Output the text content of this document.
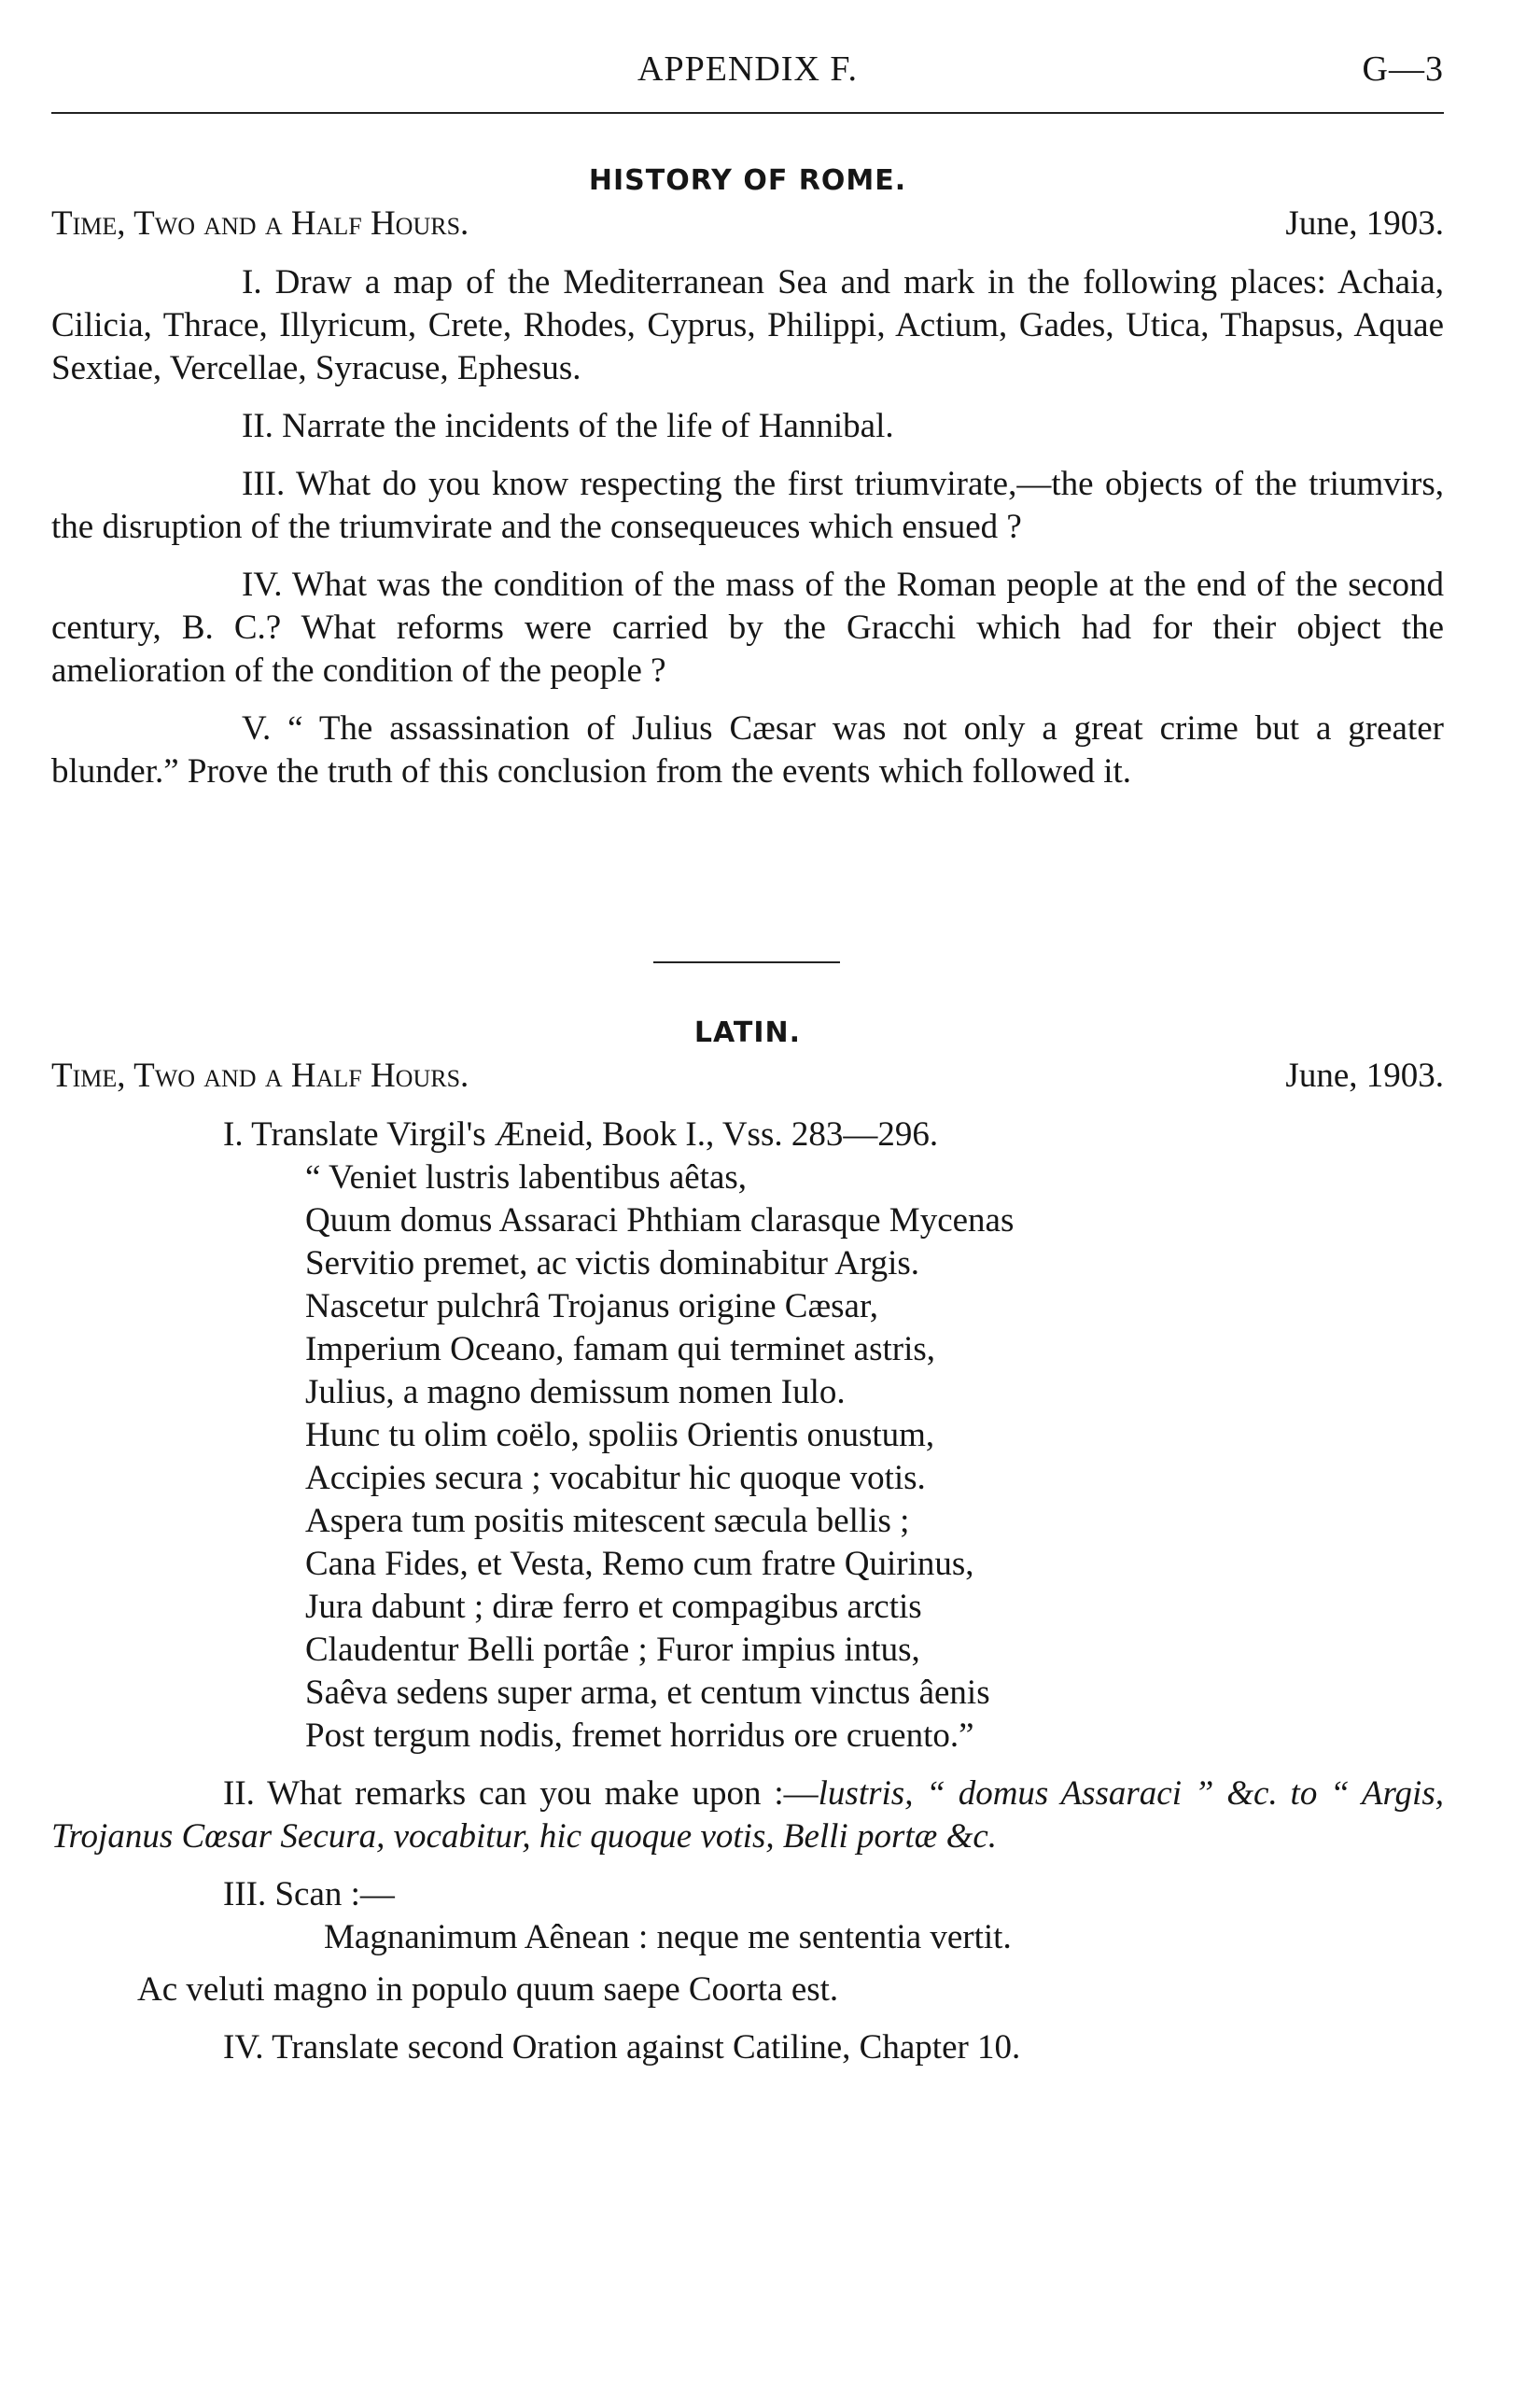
APPENDIX F.	G—3
HISTORY OF ROME.
Time, Two and a Half Hours.	June, 1903.

I. Draw a map of the Mediterranean Sea and mark in the following places: Achaia, Cilicia, Thrace, Illyricum, Crete, Rhodes, Cyprus, Philippi, Actium, Gades, Utica, Thapsus, Aquae Sextiae, Vercellae, Syracuse, Ephesus.

II. Narrate the incidents of the life of Hannibal.

III. What do you know respecting the first triumvirate,—the objects of the triumvirs, the disruption of the triumvirate and the consequeuces which ensued ?

IV. What was the condition of the mass of the Roman people at the end of the second century, B. C.? What reforms were carried by the Gracchi which had for their object the amelioration of the condition of the people ?

V. “ The assassination of Julius Cæsar was not only a great crime but a greater blunder.” Prove the truth of this conclusion from the events which followed it.

LATIN.
Time, Two and a Half Hours.	June, 1903.

I. Translate Virgil's Æneid, Book I., Vss. 283—296.

“ Veniet lustris labentibus aêtas,
Quum domus Assaraci Phthiam clarasque Mycenas
Servitio premet, ac victis dominabitur Argis.
Nascetur pulchrâ Trojanus origine Cæsar,
Imperium Oceano, famam qui terminet astris,
Julius, a magno demissum nomen Iulo.
Hunc tu olim coëlo, spoliis Orientis onustum,
Accipies secura ; vocabitur hic quoque votis.
Aspera tum positis mitescent sæcula bellis ;
Cana Fides, et Vesta, Remo cum fratre Quirinus,
Jura dabunt ; diræ ferro et compagibus arctis
Claudentur Belli portâe ; Furor impius intus,
Saêva sedens super arma, et centum vinctus âenis
Post tergum nodis, fremet horridus ore cruento.”

II. What remarks can you make upon :—lustris, “ domus Assaraci ” &c. to “ Argis, Trojanus Cœsar Secura, vocabitur, hic quoque votis, Belli portæ &c.

III. Scan :—

Magnanimum Aênean : neque me sententia vertit.
Ac veluti magno in populo quum saepe Coorta est.

IV. Translate second Oration against Catiline, Chapter 10.
